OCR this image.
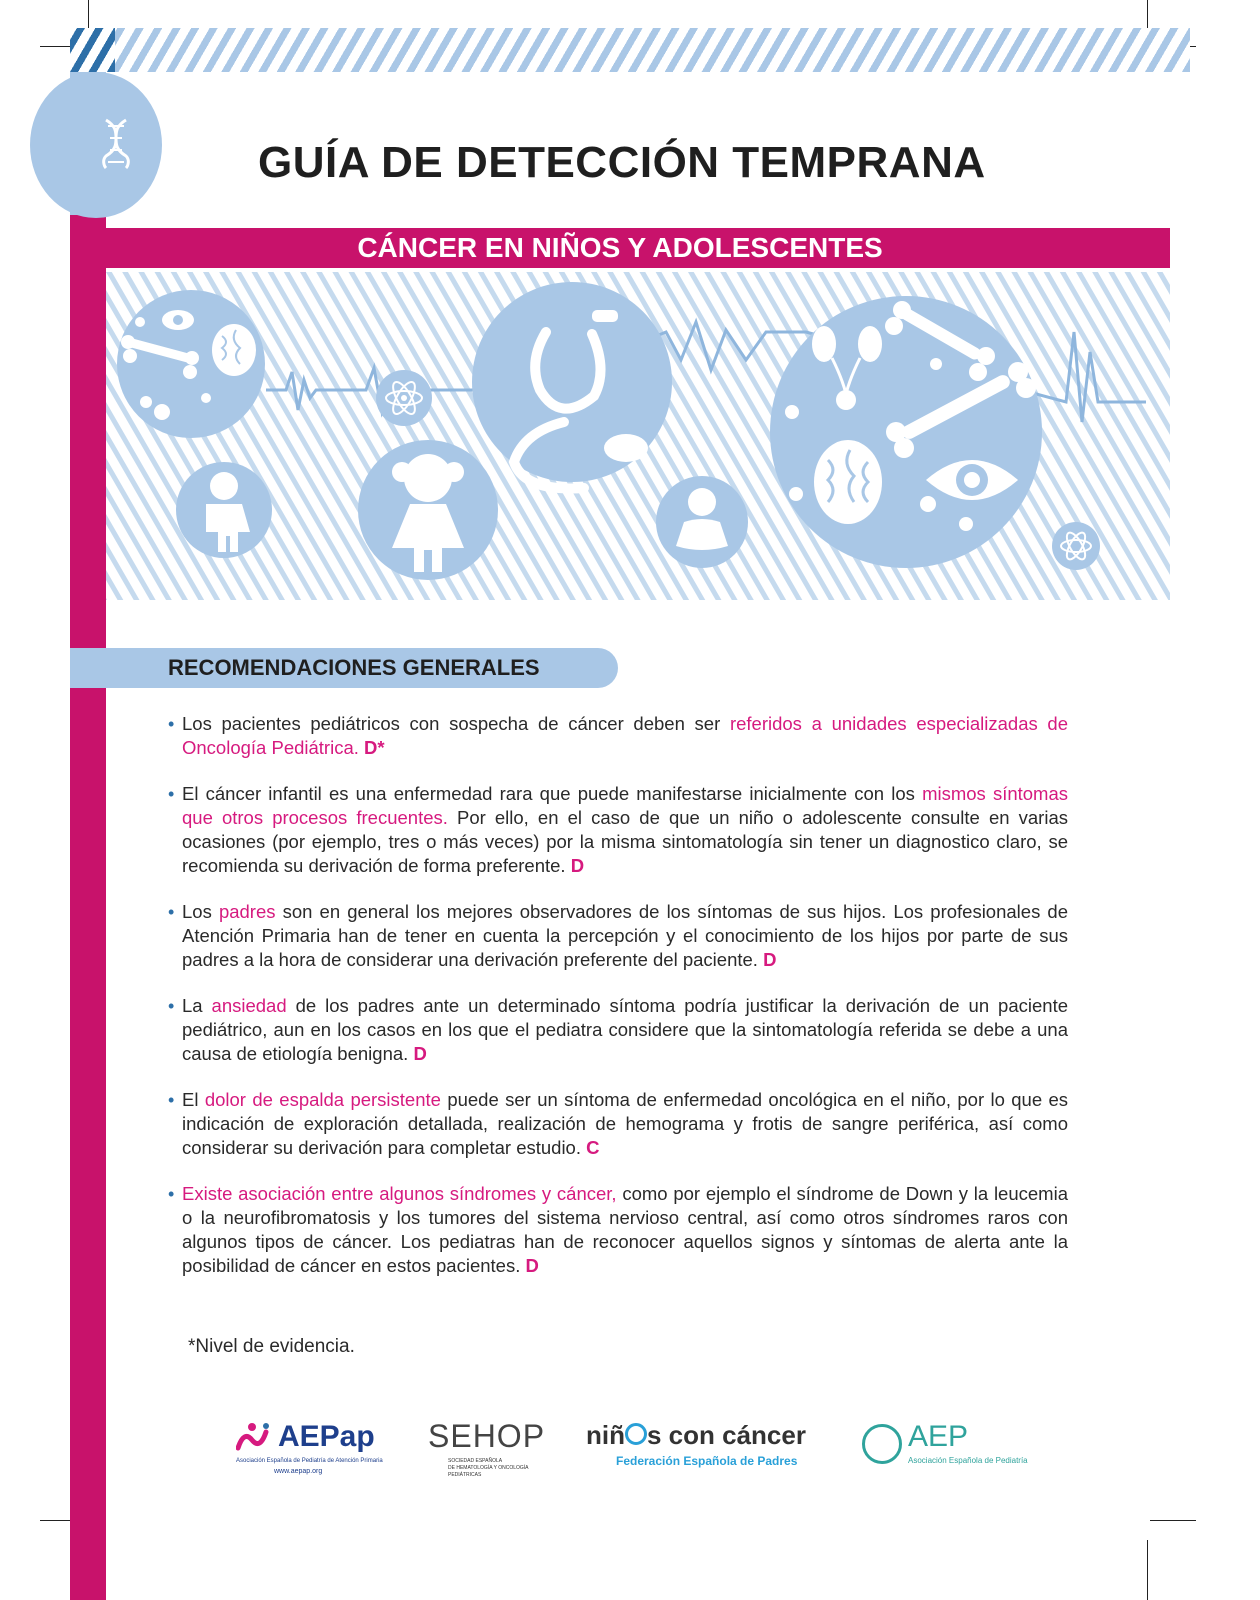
GUÍA DE DETECCIÓN TEMPRANA
CÁNCER EN NIÑOS Y ADOLESCENTES
RECOMENDACIONES GENERALES
• Los pacientes pediátricos con sospecha de cáncer deben ser referidos a unidades especializadas de Oncología Pediátrica. D*
• El cáncer infantil es una enfermedad rara que puede manifestarse inicialmente con los mismos síntomas que otros procesos frecuentes. Por ello, en el caso de que un niño o adolescente consulte en varias ocasiones (por ejemplo, tres o más veces) por la misma sintomatología sin tener un diagnostico claro, se recomienda su derivación de forma preferente. D
• Los padres son en general los mejores observadores de los síntomas de sus hijos. Los profesionales de Atención Primaria han de tener en cuenta la percepción y el conocimiento de los hijos por parte de sus padres a la hora de considerar una derivación preferente del paciente. D
• La ansiedad de los padres ante un determinado síntoma podría justificar la derivación de un paciente pediátrico, aun en los casos en los que el pediatra considere que la sintomatología referida se debe a una causa de etiología benigna. D
• El dolor de espalda persistente puede ser un síntoma de enfermedad oncológica en el niño, por lo que es indicación de exploración detallada, realización de hemograma y frotis de sangre periférica, así como considerar su derivación para completar estudio. C
• Existe asociación entre algunos síndromes y cáncer, como por ejemplo el síndrome de Down y la leucemia o la neurofibromatosis y los tumores del sistema nervioso central, así como otros síndromes raros con algunos tipos de cáncer. Los pediatras han de reconocer aquellos signos y síntomas de alerta ante la posibilidad de cáncer en estos pacientes. D
*Nivel de evidencia.
AEPap
Asociación Española de Pediatría de Atención Primaria
www.aepap.org
SEHOP
SOCIEDAD ESPAÑOLA
DE HEMATOLOGÍA Y ONCOLOGÍA
PEDIÁTRICAS
niñ s con cáncer
Federación Española de Padres
AEP
Asociación Española de Pediatría
